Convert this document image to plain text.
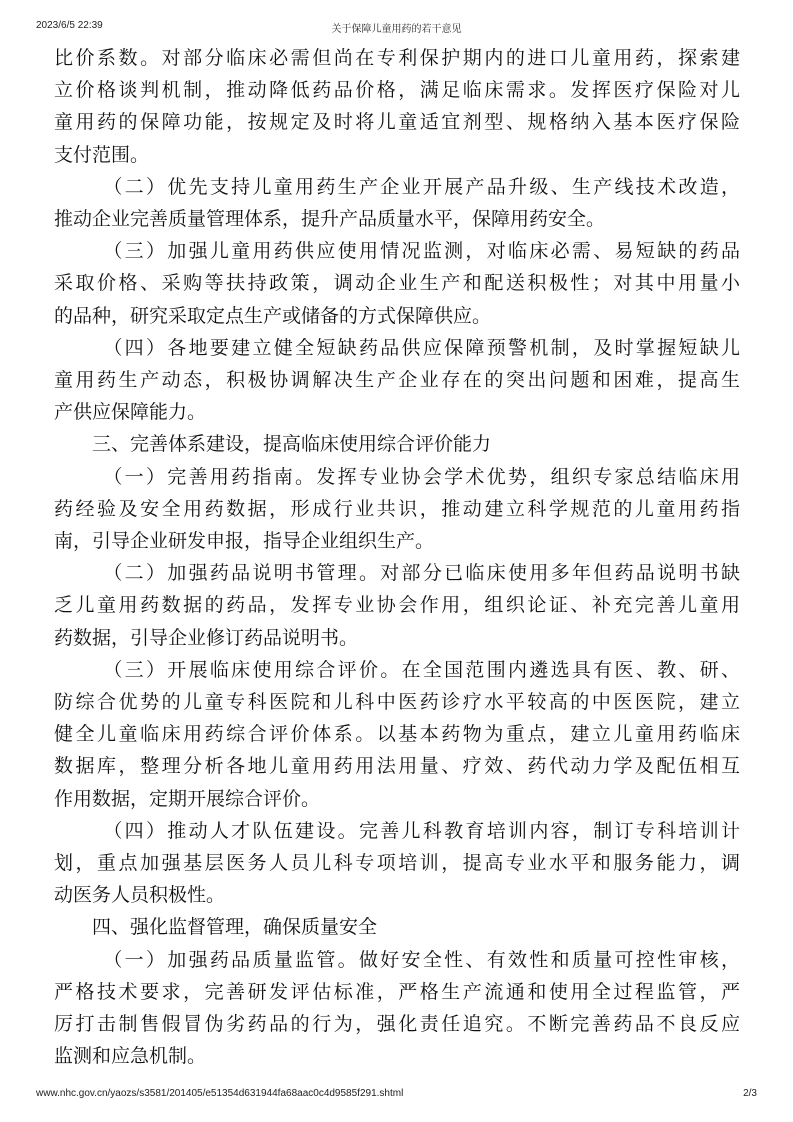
2023/6/5 22:39	关于保障儿童用药的若干意见
比价系数。对部分临床必需但尚在专利保护期内的进口儿童用药，探索建
立价格谈判机制，推动降低药品价格，满足临床需求。发挥医疗保险对儿
童用药的保障功能，按规定及时将儿童适宜剂型、规格纳入基本医疗保险
支付范围。
（二）优先支持儿童用药生产企业开展产品升级、生产线技术改造，
推动企业完善质量管理体系，提升产品质量水平，保障用药安全。
（三）加强儿童用药供应使用情况监测，对临床必需、易短缺的药品
采取价格、采购等扶持政策，调动企业生产和配送积极性；对其中用量小
的品种，研究采取定点生产或储备的方式保障供应。
（四）各地要建立健全短缺药品供应保障预警机制，及时掌握短缺儿
童用药生产动态，积极协调解决生产企业存在的突出问题和困难，提高生
产供应保障能力。
三、完善体系建设，提高临床使用综合评价能力
（一）完善用药指南。发挥专业协会学术优势，组织专家总结临床用
药经验及安全用药数据，形成行业共识，推动建立科学规范的儿童用药指
南，引导企业研发申报，指导企业组织生产。
（二）加强药品说明书管理。对部分已临床使用多年但药品说明书缺
乏儿童用药数据的药品，发挥专业协会作用，组织论证、补充完善儿童用
药数据，引导企业修订药品说明书。
（三）开展临床使用综合评价。在全国范围内遴选具有医、教、研、
防综合优势的儿童专科医院和儿科中医药诊疗水平较高的中医医院，建立
健全儿童临床用药综合评价体系。以基本药物为重点，建立儿童用药临床
数据库，整理分析各地儿童用药用法用量、疗效、药代动力学及配伍相互
作用数据，定期开展综合评价。
（四）推动人才队伍建设。完善儿科教育培训内容，制订专科培训计
划，重点加强基层医务人员儿科专项培训，提高专业水平和服务能力，调
动医务人员积极性。
四、强化监督管理，确保质量安全
（一）加强药品质量监管。做好安全性、有效性和质量可控性审核，
严格技术要求，完善研发评估标准，严格生产流通和使用全过程监管，严
厉打击制售假冒伪劣药品的行为，强化责任追究。不断完善药品不良反应
监测和应急机制。
www.nhc.gov.cn/yaozs/s3581/201405/e51354d631944fa68aac0c4d9585f291.shtml	2/3
